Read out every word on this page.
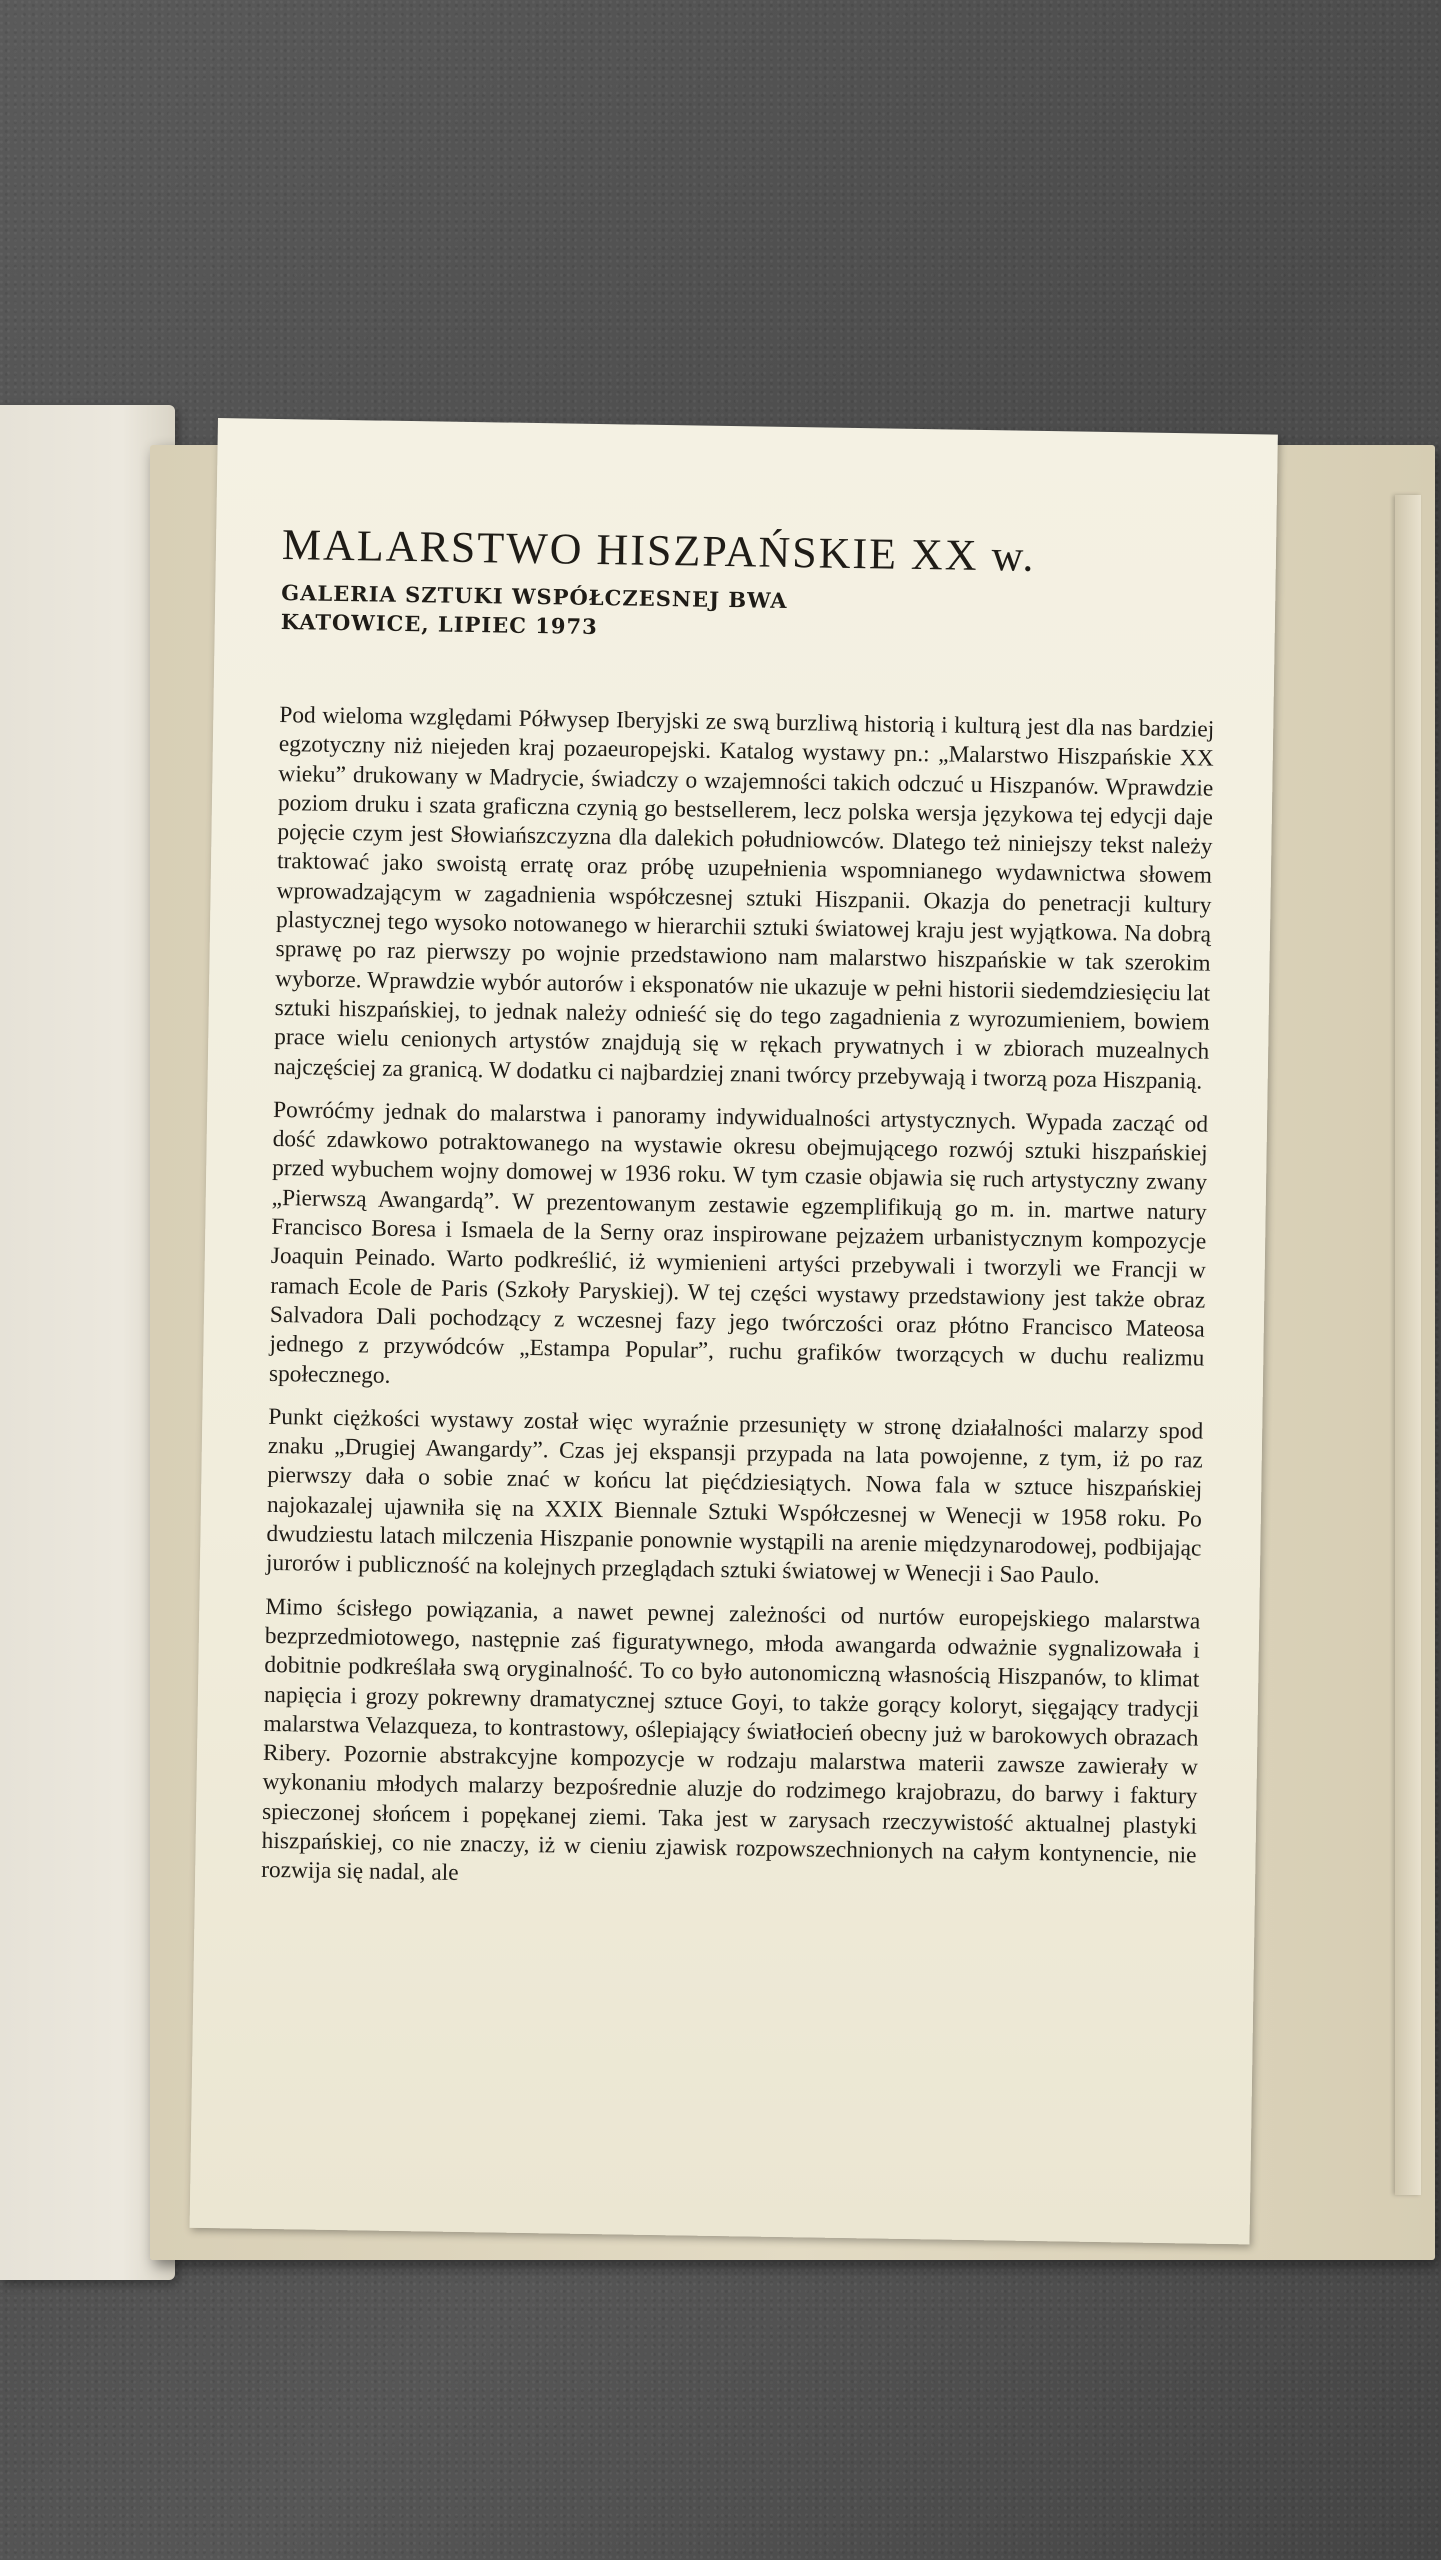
MALARSTWO HISZPAŃSKIE XX w.
GALERIA SZTUKI WSPÓŁCZESNEJ BWA
KATOWICE, LIPIEC 1973

Pod wieloma względami Półwysep Iberyjski ze swą burzliwą historią i kulturą jest dla nas bardziej egzotyczny niż niejeden kraj pozaeuropejski. Katalog wystawy pn.: „Malarstwo Hiszpańskie XX wieku” drukowany w Madrycie, świadczy o wzajemności takich odczuć u Hiszpanów. Wprawdzie poziom druku i szata graficzna czynią go bestsellerem, lecz polska wersja językowa tej edycji daje pojęcie czym jest Słowiańszczyzna dla dalekich południowców. Dlatego też niniejszy tekst należy traktować jako swoistą erratę oraz próbę uzupełnienia wspomnianego wydawnictwa słowem wprowadzającym w zagadnienia współczesnej sztuki Hiszpanii. Okazja do penetracji kultury plastycznej tego wysoko notowanego w hierarchii sztuki światowej kraju jest wyjątkowa. Na dobrą sprawę po raz pierwszy po wojnie przedstawiono nam malarstwo hiszpańskie w tak szerokim wyborze. Wprawdzie wybór autorów i eksponatów nie ukazuje w pełni historii siedemdziesięciu lat sztuki hiszpańskiej, to jednak należy odnieść się do tego zagadnienia z wyrozumieniem, bowiem prace wielu cenionych artystów znajdują się w rękach prywatnych i w zbiorach muzealnych najczęściej za granicą. W dodatku ci najbardziej znani twórcy przebywają i tworzą poza Hiszpanią.

Powróćmy jednak do malarstwa i panoramy indywidualności artystycznych. Wypada zacząć od dość zdawkowo potraktowanego na wystawie okresu obejmującego rozwój sztuki hiszpańskiej przed wybuchem wojny domowej w 1936 roku. W tym czasie objawia się ruch artystyczny zwany „Pierwszą Awangardą”. W prezentowanym zestawie egzemplifikują go m. in. martwe natury Francisco Boresa i Ismaela de la Serny oraz inspirowane pejzażem urbanistycznym kompozycje Joaquin Peinado. Warto podkreślić, iż wymienieni artyści przebywali i tworzyli we Francji w ramach Ecole de Paris (Szkoły Paryskiej). W tej części wystawy przedstawiony jest także obraz Salvadora Dali pochodzący z wczesnej fazy jego twórczości oraz płótno Francisco Mateosa jednego z przywódców „Estampa Popular”, ruchu grafików tworzących w duchu realizmu społecznego.

Punkt ciężkości wystawy został więc wyraźnie przesunięty w stronę działalności malarzy spod znaku „Drugiej Awangardy”. Czas jej ekspansji przypada na lata powojenne, z tym, iż po raz pierwszy dała o sobie znać w końcu lat pięćdziesiątych. Nowa fala w sztuce hiszpańskiej najokazalej ujawniła się na XXIX Biennale Sztuki Współczesnej w Wenecji w 1958 roku. Po dwudziestu latach milczenia Hiszpanie ponownie wystąpili na arenie międzynarodowej, podbijając jurorów i publiczność na kolejnych przeglądach sztuki światowej w Wenecji i Sao Paulo.

Mimo ścisłego powiązania, a nawet pewnej zależności od nurtów europejskiego malarstwa bezprzedmiotowego, następnie zaś figuratywnego, młoda awangarda odważnie sygnalizowała i dobitnie podkreślała swą oryginalność. To co było autonomiczną własnością Hiszpanów, to klimat napięcia i grozy pokrewny dramatycznej sztuce Goyi, to także gorący koloryt, sięgający tradycji malarstwa Velazqueza, to kontrastowy, oślepiający światłocień obecny już w barokowych obrazach Ribery. Pozornie abstrakcyjne kompozycje w rodzaju malarstwa materii zawsze zawierały w wykonaniu młodych malarzy bezpośrednie aluzje do rodzimego krajobrazu, do barwy i faktury spieczonej słońcem i popękanej ziemi. Taka jest w zarysach rzeczywistość aktualnej plastyki hiszpańskiej, co nie znaczy, iż w cieniu zjawisk rozpowszechnionych na całym kontynencie, nie rozwija się nadal, ale
